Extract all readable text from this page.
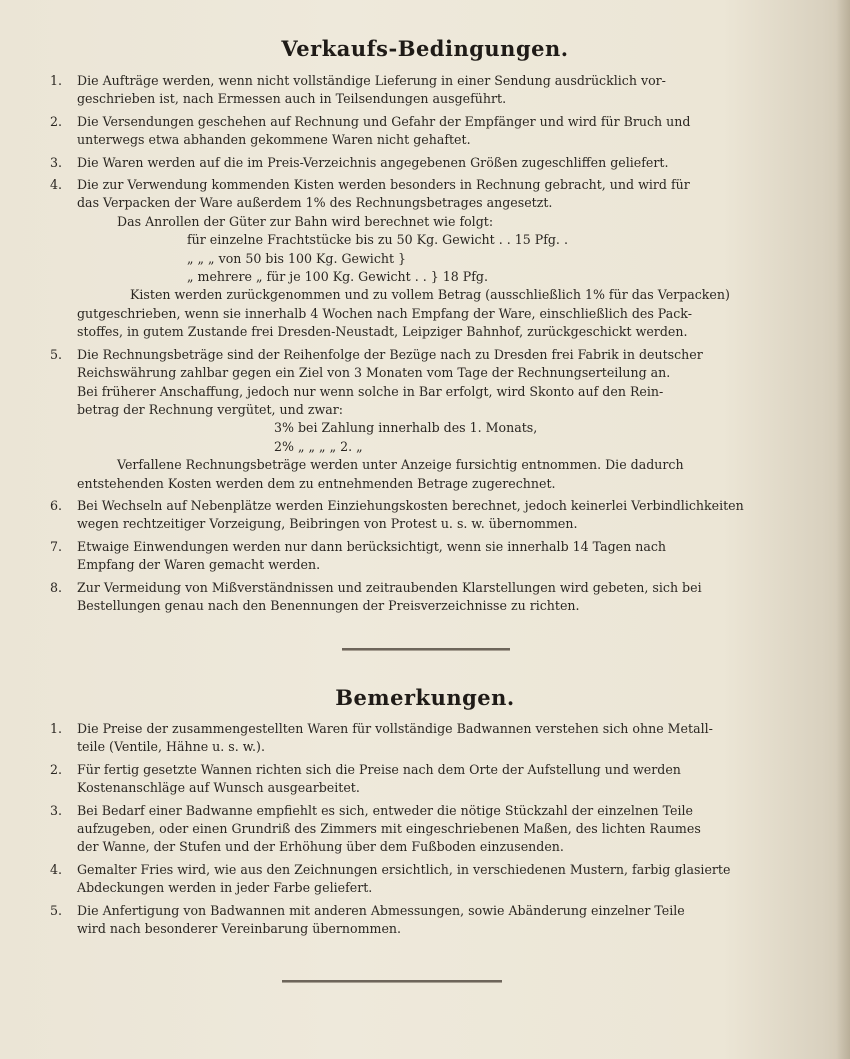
Verkaufs-Bedingungen.
1.	Die Aufträge werden, wenn nicht vollständige Lieferung in einer Sendung ausdrücklich vor-
geschrieben ist, nach Ermessen auch in Teilsendungen ausgeführt.
2.	Die Versendungen geschehen auf Rechnung und Gefahr der Empfänger und wird für Bruch und
unterwegs etwa abhanden gekommene Waren nicht gehaftet.
3.	Die Waren werden auf die im Preis-Verzeichnis angegebenen Größen zugeschliffen geliefert.
4.	Die zur Verwendung kommenden Kisten werden besonders in Rechnung gebracht, und wird für
das Verpacken der Ware außerdem 1% des Rechnungsbetrages angesetzt.
Das Anrollen der Güter zur Bahn wird berechnet wie folgt:
für einzelne Frachtstücke bis zu 50 Kg. Gewicht . . 15 Pfg. .
„ „ „ von 50 bis 100 Kg. Gewicht }
„ mehrere „ für je 100 Kg. Gewicht . . } 18 Pfg.
Kisten werden zurückgenommen und zu vollem Betrag (ausschließlich 1% für das Verpacken)
gutgeschrieben, wenn sie innerhalb 4 Wochen nach Empfang der Ware, einschließlich des Pack-
stoffes, in gutem Zustande frei Dresden-Neustadt, Leipziger Bahnhof, zurückgeschickt werden.
5.	Die Rechnungsbeträge sind der Reihenfolge der Bezüge nach zu Dresden frei Fabrik in deutscher
Reichswährung zahlbar gegen ein Ziel von 3 Monaten vom Tage der Rechnungserteilung an.
Bei früherer Anschaffung, jedoch nur wenn solche in Bar erfolgt, wird Skonto auf den Rein-
betrag der Rechnung vergütet, und zwar:
3% bei Zahlung innerhalb des 1. Monats,
2% „ „ „ „ 2. „
Verfallene Rechnungsbeträge werden unter Anzeige fursichtig entnommen. Die dadurch
entstehenden Kosten werden dem zu entnehmenden Betrage zugerechnet.
6.	Bei Wechseln auf Nebenplätze werden Einziehungskosten berechnet, jedoch keinerlei Verbindlichkeiten
wegen rechtzeitiger Vorzeigung, Beibringen von Protest u. s. w. übernommen.
7.	Etwaige Einwendungen werden nur dann berücksichtigt, wenn sie innerhalb 14 Tagen nach
Empfang der Waren gemacht werden.
8.	Zur Vermeidung von Mißverständnissen und zeitraubenden Klarstellungen wird gebeten, sich bei
Bestellungen genau nach den Benennungen der Preisverzeichnisse zu richten.
Bemerkungen.
1.	Die Preise der zusammengestellten Waren für vollständige Badwannen verstehen sich ohne Metall-
teile (Ventile, Hähne u. s. w.).
2.	Für fertig gesetzte Wannen richten sich die Preise nach dem Orte der Aufstellung und werden
Kostenanschläge auf Wunsch ausgearbeitet.
3.	Bei Bedarf einer Badwanne empfiehlt es sich, entweder die nötige Stückzahl der einzelnen Teile
aufzugeben, oder einen Grundriß des Zimmers mit eingeschriebenen Maßen, des lichten Raumes
der Wanne, der Stufen und der Erhöhung über dem Fußboden einzusenden.
4.	Gemalter Fries wird, wie aus den Zeichnungen ersichtlich, in verschiedenen Mustern, farbig glasierte
Abdeckungen werden in jeder Farbe geliefert.
5.	Die Anfertigung von Badwannen mit anderen Abmessungen, sowie Abänderung einzelner Teile
wird nach besonderer Vereinbarung übernommen.
